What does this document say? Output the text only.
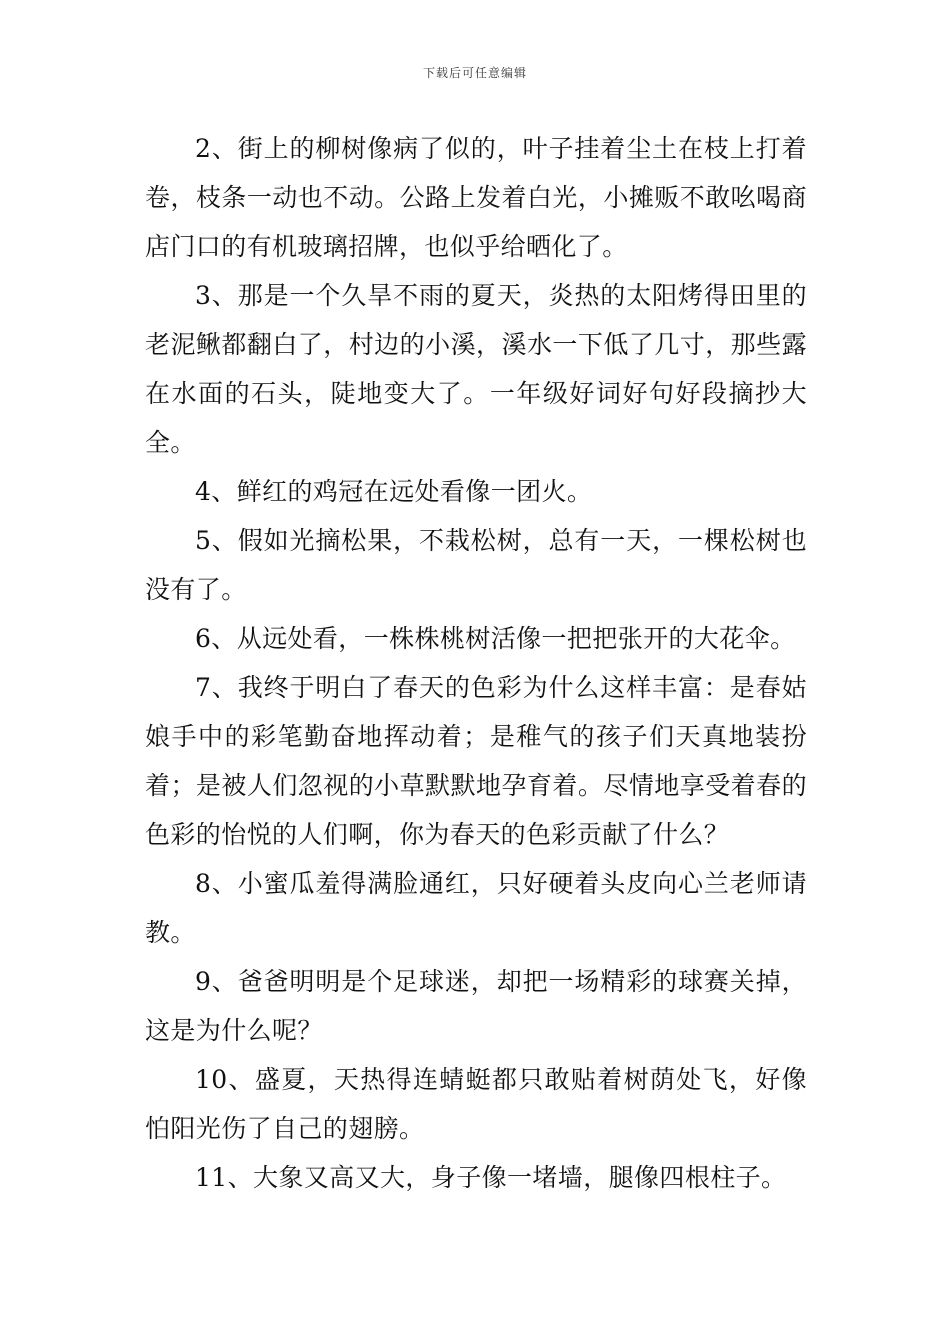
下载后可任意编辑

2、街上的柳树像病了似的，叶子挂着尘土在枝上打着卷，枝条一动也不动。公路上发着白光，小摊贩不敢吆喝商店门口的有机玻璃招牌，也似乎给晒化了。

3、那是一个久旱不雨的夏天，炎热的太阳烤得田里的老泥鳅都翻白了，村边的小溪，溪水一下低了几寸，那些露在水面的石头，陡地变大了。一年级好词好句好段摘抄大全。

4、鲜红的鸡冠在远处看像一团火。

5、假如光摘松果，不栽松树，总有一天，一棵松树也没有了。

6、从远处看，一株株桃树活像一把把张开的大花伞。

7、我终于明白了春天的色彩为什么这样丰富：是春姑娘手中的彩笔勤奋地挥动着；是稚气的孩子们天真地装扮着；是被人们忽视的小草默默地孕育着。尽情地享受着春的色彩的怡悦的人们啊，你为春天的色彩贡献了什么？

8、小蜜瓜羞得满脸通红，只好硬着头皮向心兰老师请教。

9、爸爸明明是个足球迷，却把一场精彩的球赛关掉，这是为什么呢？

10、盛夏，天热得连蜻蜓都只敢贴着树荫处飞，好像怕阳光伤了自己的翅膀。

11、大象又高又大，身子像一堵墙，腿像四根柱子。
